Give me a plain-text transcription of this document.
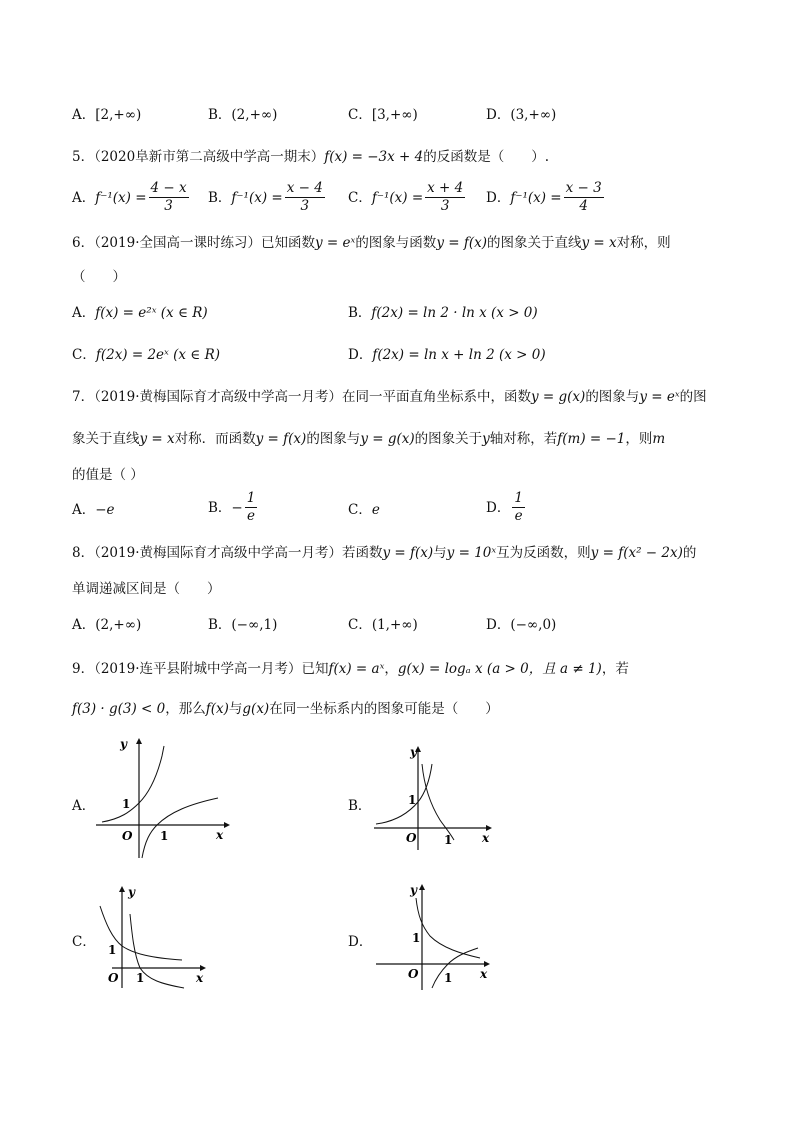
A．[2,+∞)	B．(2,+∞)	C．[3,+∞)	D．(3,+∞)
5．（2020阜新市第二高级中学高一期末）f(x) = −3x + 4的反函数是（　　）.
A． $f^{-1}(x) = \frac{4 - x}{3}$ B． $f^{-1}(x) = \frac{x - 4}{3}$ C． $f^{-1}(x) = \frac{x + 4}{3}$ D． $f^{-1}(x) = \frac{x - 3}{4}$
6．（2019·全国高一课时练习）已知函数y = eˣ的图象与函数y = f(x)的图象关于直线y = x对称，则
（　　）
A．f(x) = e²ˣ (x ∈ R)	B．f(2x) = ln 2 · ln x (x > 0)
C．f(2x) = 2eˣ (x ∈ R)	D．f(2x) = ln x + ln 2 (x > 0)
7．（2019·黄梅国际育才高级中学高一月考）在同一平面直角坐标系中，函数y = g(x)的图象与y = eˣ的图
象关于直线y = x对称．而函数y = f(x)的图象与y = g(x)的图象关于y轴对称，若f(m) = −1，则m
的值是（ ）
A． −e	B． − $\frac{1}{e}$	C． e	D． $\frac{1}{e}$
8．（2019·黄梅国际育才高级中学高一月考）若函数y = f(x)与y = 10ˣ互为反函数，则y = f(x² − 2x)的
单调递减区间是（　　）
A．(2,+∞)	B．(−∞,1)	C．(1,+∞)	D．(−∞,0)
9．（2019·连平县附城中学高一月考）已知f(x) = aˣ，g(x) = logₐ x (a > 0，且 a ≠ 1)，若
f(3) · g(3) < 0，那么f(x)与g(x)在同一坐标系内的图象可能是（　　）
A．	B．
C．	D．
y
x
O
1
1
y
x
O
1
1
y
x
O
1
1
y
x
O
1
1
